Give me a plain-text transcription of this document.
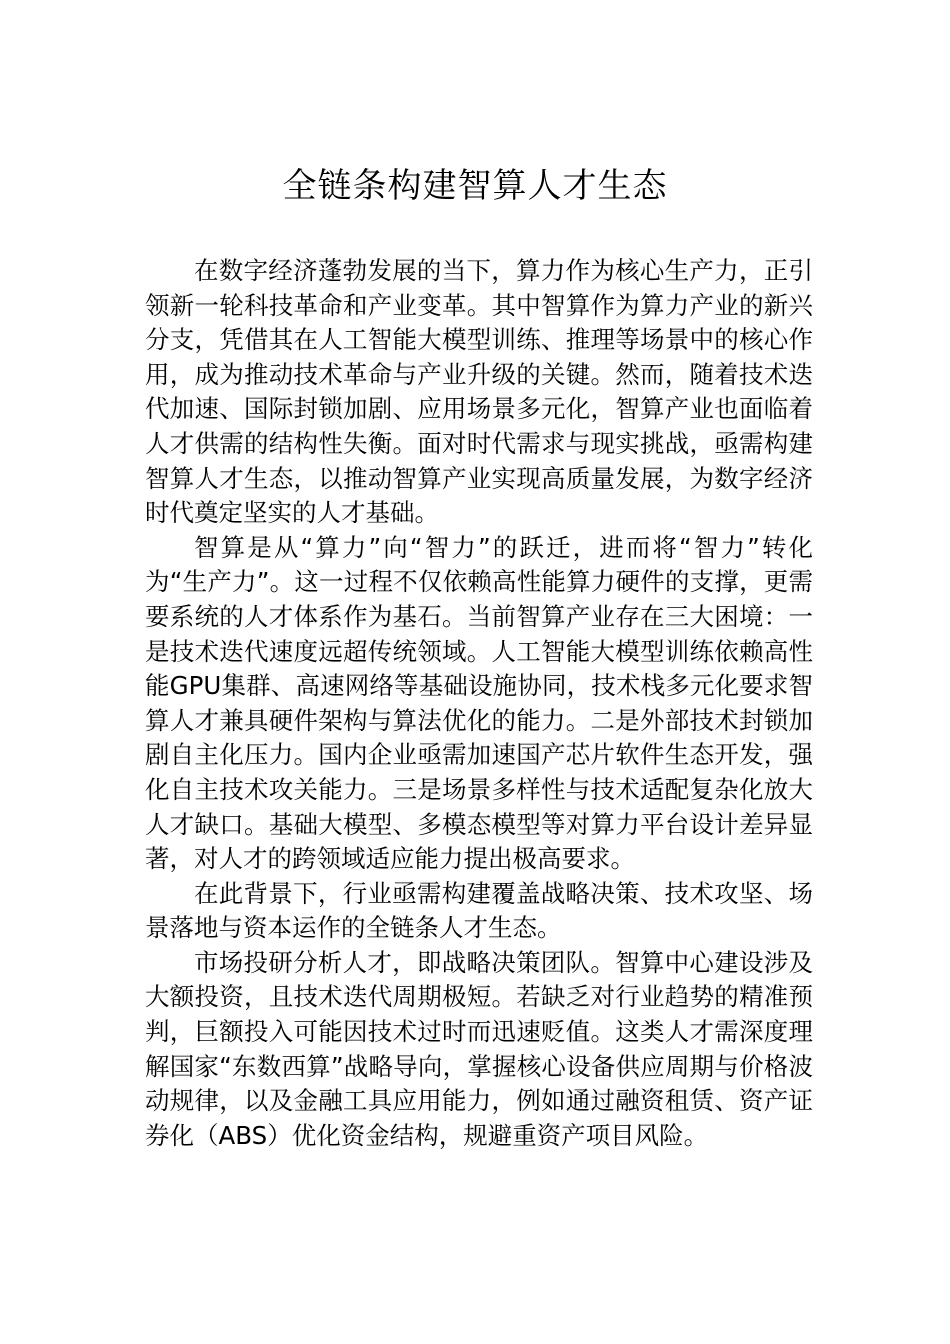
全链条构建智算人才生态

在数字经济蓬勃发展的当下，算力作为核心生产力，正引领新一轮科技革命和产业变革。其中智算作为算力产业的新兴分支，凭借其在人工智能大模型训练、推理等场景中的核心作用，成为推动技术革命与产业升级的关键。然而，随着技术迭代加速、国际封锁加剧、应用场景多元化，智算产业也面临着人才供需的结构性失衡。面对时代需求与现实挑战，亟需构建智算人才生态，以推动智算产业实现高质量发展，为数字经济时代奠定坚实的人才基础。

智算是从“算力”向“智力”的跃迁，进而将“智力”转化为“生产力”。这一过程不仅依赖高性能算力硬件的支撑，更需要系统的人才体系作为基石。当前智算产业存在三大困境：一是技术迭代速度远超传统领域。人工智能大模型训练依赖高性能GPU集群、高速网络等基础设施协同，技术栈多元化要求智算人才兼具硬件架构与算法优化的能力。二是外部技术封锁加剧自主化压力。国内企业亟需加速国产芯片软件生态开发，强化自主技术攻关能力。三是场景多样性与技术适配复杂化放大人才缺口。基础大模型、多模态模型等对算力平台设计差异显著，对人才的跨领域适应能力提出极高要求。

在此背景下，行业亟需构建覆盖战略决策、技术攻坚、场景落地与资本运作的全链条人才生态。

市场投研分析人才，即战略决策团队。智算中心建设涉及大额投资，且技术迭代周期极短。若缺乏对行业趋势的精准预判，巨额投入可能因技术过时而迅速贬值。这类人才需深度理解国家“东数西算”战略导向，掌握核心设备供应周期与价格波动规律，以及金融工具应用能力，例如通过融资租赁、资产证券化（ABS）优化资金结构，规避重资产项目风险。
